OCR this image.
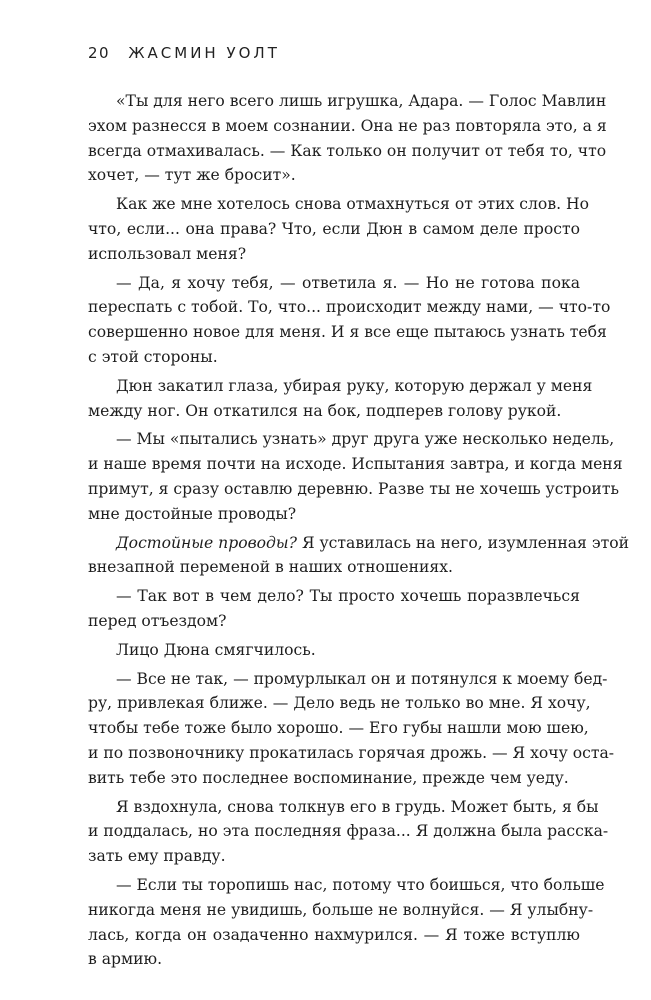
20 ЖАСМИН УОЛТ
«Ты для него всего лишь игрушка, Адара. — Голос Мавлин
эхом разнесся в моем сознании. Она не раз повторяла это, а я
всегда отмахивалась. — Как только он получит от тебя то, что
хочет, — тут же бросит».
Как же мне хотелось снова отмахнуться от этих слов. Но
что, если... она права? Что, если Дюн в самом деле просто
использовал меня?
— Да, я хочу тебя, — ответила я. — Но не готова пока
переспать с тобой. То, что... происходит между нами, — что-то
совершенно новое для меня. И я все еще пытаюсь узнать тебя
с этой стороны.
Дюн закатил глаза, убирая руку, которую держал у меня
между ног. Он откатился на бок, подперев голову рукой.
— Мы «пытались узнать» друг друга уже несколько недель,
и наше время почти на исходе. Испытания завтра, и когда меня
примут, я сразу оставлю деревню. Разве ты не хочешь устроить
мне достойные проводы?
Достойные проводы? Я уставилась на него, изумленная этой
внезапной переменой в наших отношениях.
— Так вот в чем дело? Ты просто хочешь поразвлечься
перед отъездом?
Лицо Дюна смягчилось.
— Все не так, — промурлыкал он и потянулся к моему бед-
ру, привлекая ближе. — Дело ведь не только во мне. Я хочу,
чтобы тебе тоже было хорошо. — Его губы нашли мою шею,
и по позвоночнику прокатилась горячая дрожь. — Я хочу оста-
вить тебе это последнее воспоминание, прежде чем уеду.
Я вздохнула, снова толкнув его в грудь. Может быть, я бы
и поддалась, но эта последняя фраза... Я должна была расска-
зать ему правду.
— Если ты торопишь нас, потому что боишься, что больше
никогда меня не увидишь, больше не волнуйся. — Я улыбну-
лась, когда он озадаченно нахмурился. — Я тоже вступлю
в армию.
